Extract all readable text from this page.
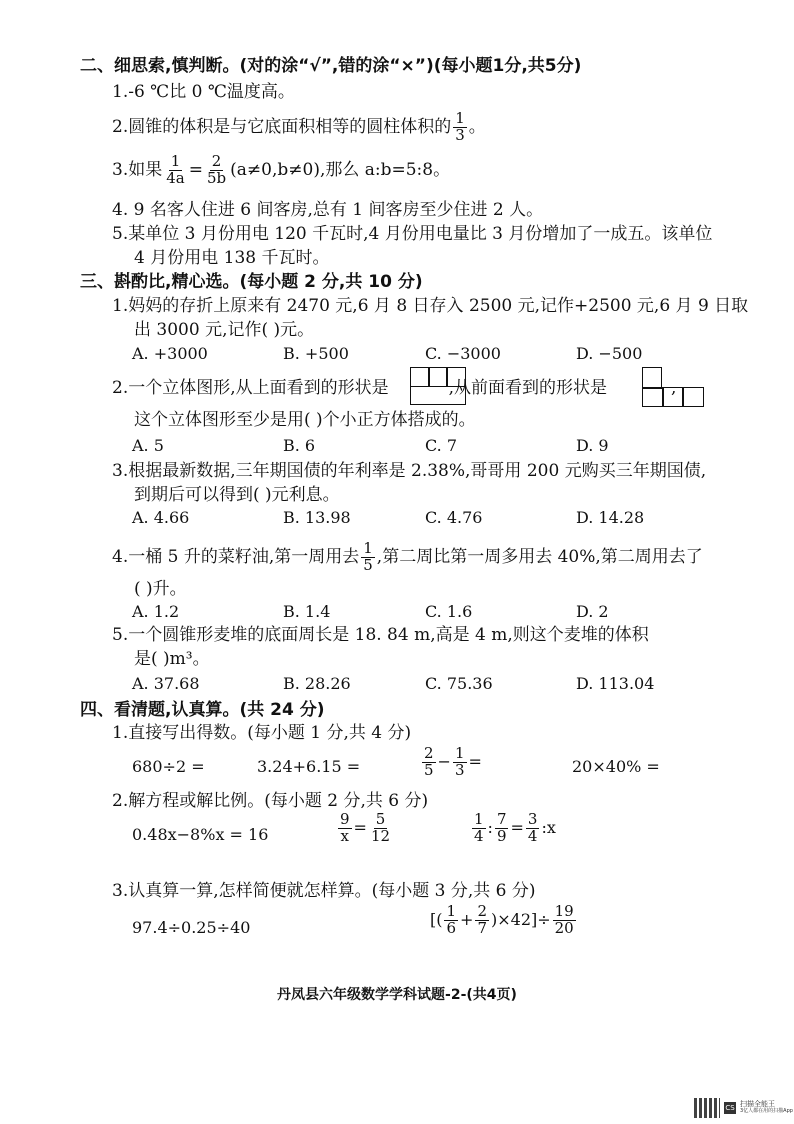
二、细思索,慎判断。(对的涂“√”,错的涂“×”)(每小题1分,共5分)
1.-6 ℃比 0 ℃温度高。
2.圆锥的体积是与它底面积相等的圆柱体积的 $\frac{1}{3}$ 。
3.如果 $\frac{1}{4a} = \frac{2}{5b} (a\ne 0,b\ne 0)$,那么 a:b=5:8。
4. 9 名客人住进 6 间客房,总有 1 间客房至少住进 2 人。
5.某单位 3 月份用电 120 千瓦时,4 月份用电量比 3 月份增加了一成五。该单位
4 月份用电 138 千瓦时。
三、斟酌比,精心选。(每小题 2 分,共 10 分)
1.妈妈的存折上原来有 2470 元,6 月 8 日存入 2500 元,记作+2500 元,6 月 9 日取
出 3000 元,记作( )元。
A. +3000	B. +500	C. −3000	D. −500
2.一个立体图形,从上面看到的形状是	,从前面看到的形状是	,
这个立体图形至少是用( )个小正方体搭成的。
A. 5	B. 6	C. 7	D. 9
3.根据最新数据,三年期国债的年利率是 2.38%,哥哥用 200 元购买三年期国债,
到期后可以得到( )元利息。
A. 4.66	B. 13.98	C. 4.76	D. 14.28
4.一桶 5 升的菜籽油,第一周用去 $\frac{1}{5}$ ,第二周比第一周多用去 40%,第二周用去了
( )升。
A. 1.2	B. 1.4	C. 1.6	D. 2
5.一个圆锥形麦堆的底面周长是 18. 84 m,高是 4 m,则这个麦堆的体积
是( )m³。
A. 37.68	B. 28.26	C. 75.36	D. 113.04
四、看清题,认真算。(共 24 分)
1.直接写出得数。(每小题 1 分,共 4 分)
680÷2 =	3.24+6.15 =	$\frac{2}{5} - \frac{1}{3}$ =	20×40% =
2.解方程或解比例。(每小题 2 分,共 6 分)
0.48x−8%x = 16	$\frac{9}{x} = \frac{5}{12}$	$\frac{1}{4}$ : $\frac{7}{9} = \frac{3}{4}$ :x
3.认真算一算,怎样简便就怎样算。(每小题 3 分,共 6 分)
97.4÷0.25÷40	[( $\frac{1}{6} + \frac{2}{7} )\times 42]\div \frac{19}{20}$
丹凤县六年级数学学科试题-2-(共4页)
CS 扫描全能王
3亿人都在用的扫描App
